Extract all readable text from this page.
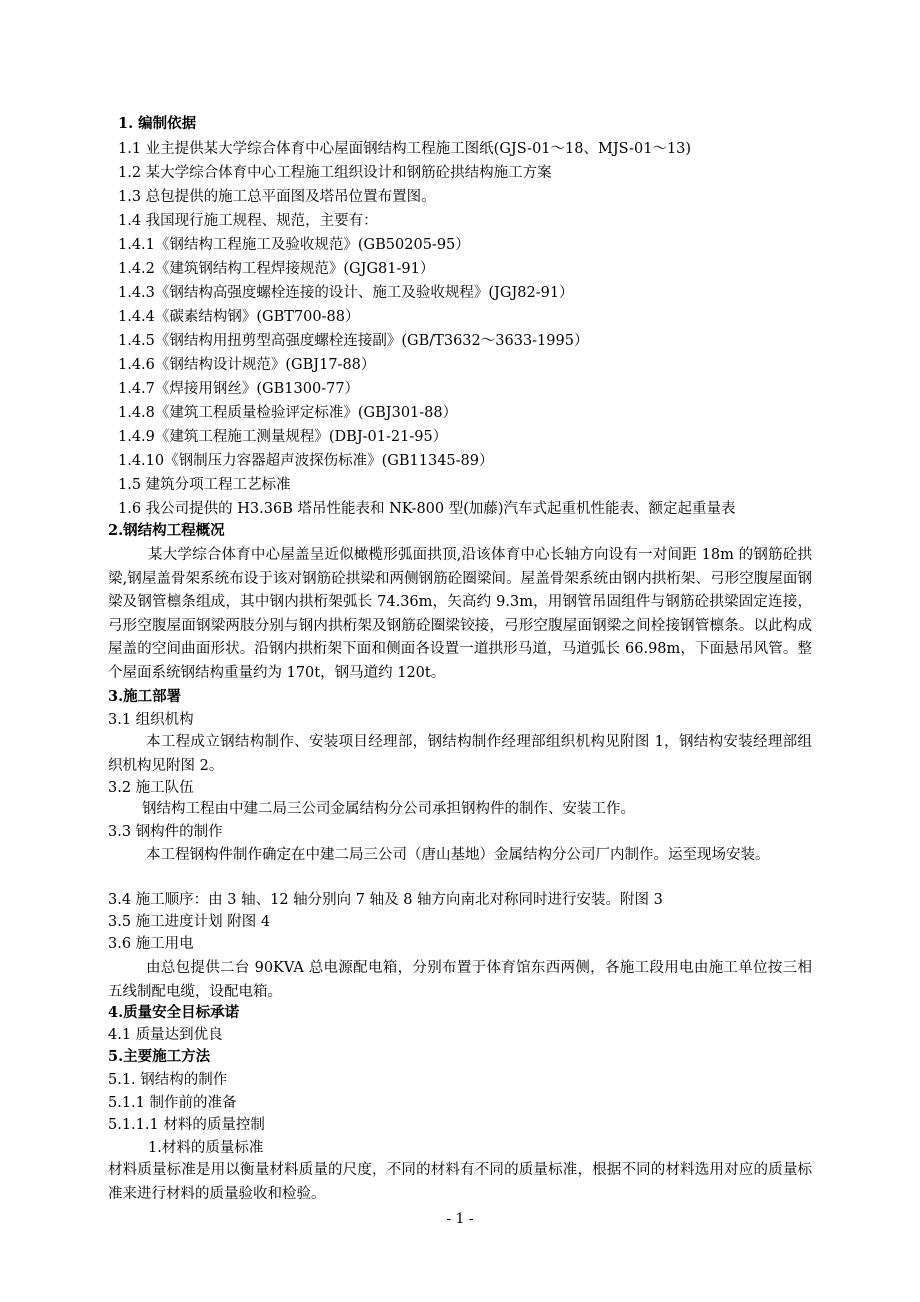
1. 编制依据
1.1 业主提供某大学综合体育中心屋面钢结构工程施工图纸(GJS-01～18、MJS-01～13)
1.2 某大学综合体育中心工程施工组织设计和钢筋砼拱结构施工方案
1.3 总包提供的施工总平面图及塔吊位置布置图。
1.4 我国现行施工规程、规范，主要有：
1.4.1《钢结构工程施工及验收规范》(GB50205-95）
1.4.2《建筑钢结构工程焊接规范》(GJG81-91）
1.4.3《钢结构高强度螺栓连接的设计、施工及验收规程》(JGJ82-91）
1.4.4《碳素结构钢》(GBT700-88）
1.4.5《钢结构用扭剪型高强度螺栓连接副》(GB/T3632～3633-1995）
1.4.6《钢结构设计规范》(GBJ17-88）
1.4.7《焊接用钢丝》(GB1300-77）
1.4.8《建筑工程质量检验评定标准》(GBJ301-88）
1.4.9《建筑工程施工测量规程》(DBJ-01-21-95）
1.4.10《钢制压力容器超声波探伤标准》(GB11345-89）
1.5 建筑分项工程工艺标准
1.6 我公司提供的 H3.36B 塔吊性能表和 NK-800 型(加藤)汽车式起重机性能表、额定起重量表
2.钢结构工程概况
某大学综合体育中心屋盖呈近似橄榄形弧面拱顶,沿该体育中心长轴方向设有一对间距 18m 的钢筋砼拱梁,钢屋盖骨架系统布设于该对钢筋砼拱梁和两侧钢筋砼圈梁间。屋盖骨架系统由钢内拱桁架、弓形空腹屋面钢梁及钢管檩条组成，其中钢内拱桁架弧长 74.36m，矢高约 9.3m，用钢管吊固组件与钢筋砼拱梁固定连接，弓形空腹屋面钢梁两肢分别与钢内拱桁架及钢筋砼圈梁铰接，弓形空腹屋面钢梁之间栓接钢管檩条。以此构成屋盖的空间曲面形状。沿钢内拱桁架下面和侧面各设置一道拱形马道，马道弧长 66.98m，下面悬吊风管。整个屋面系统钢结构重量约为 170t，钢马道约 120t。
3.施工部署
3.1 组织机构
本工程成立钢结构制作、安装项目经理部，钢结构制作经理部组织机构见附图 1，钢结构安装经理部组织机构见附图 2。
3.2 施工队伍
钢结构工程由中建二局三公司金属结构分公司承担钢构件的制作、安装工作。
3.3 钢构件的制作
本工程钢构件制作确定在中建二局三公司（唐山基地）金属结构分公司厂内制作。运至现场安装。
3.4 施工顺序：由 3 轴、12 轴分别向 7 轴及 8 轴方向南北对称同时进行安装。附图 3
3.5 施工进度计划 附图 4
3.6 施工用电
由总包提供二台 90KVA 总电源配电箱，分别布置于体育馆东西两侧，各施工段用电由施工单位按三相五线制配电缆，设配电箱。
4.质量安全目标承诺
4.1 质量达到优良
5.主要施工方法
5.1. 钢结构的制作
5.1.1 制作前的准备
5.1.1.1 材料的质量控制
1.材料的质量标准
材料质量标准是用以衡量材料质量的尺度，不同的材料有不同的质量标准，根据不同的材料选用对应的质量标准来进行材料的质量验收和检验。
- 1 -
